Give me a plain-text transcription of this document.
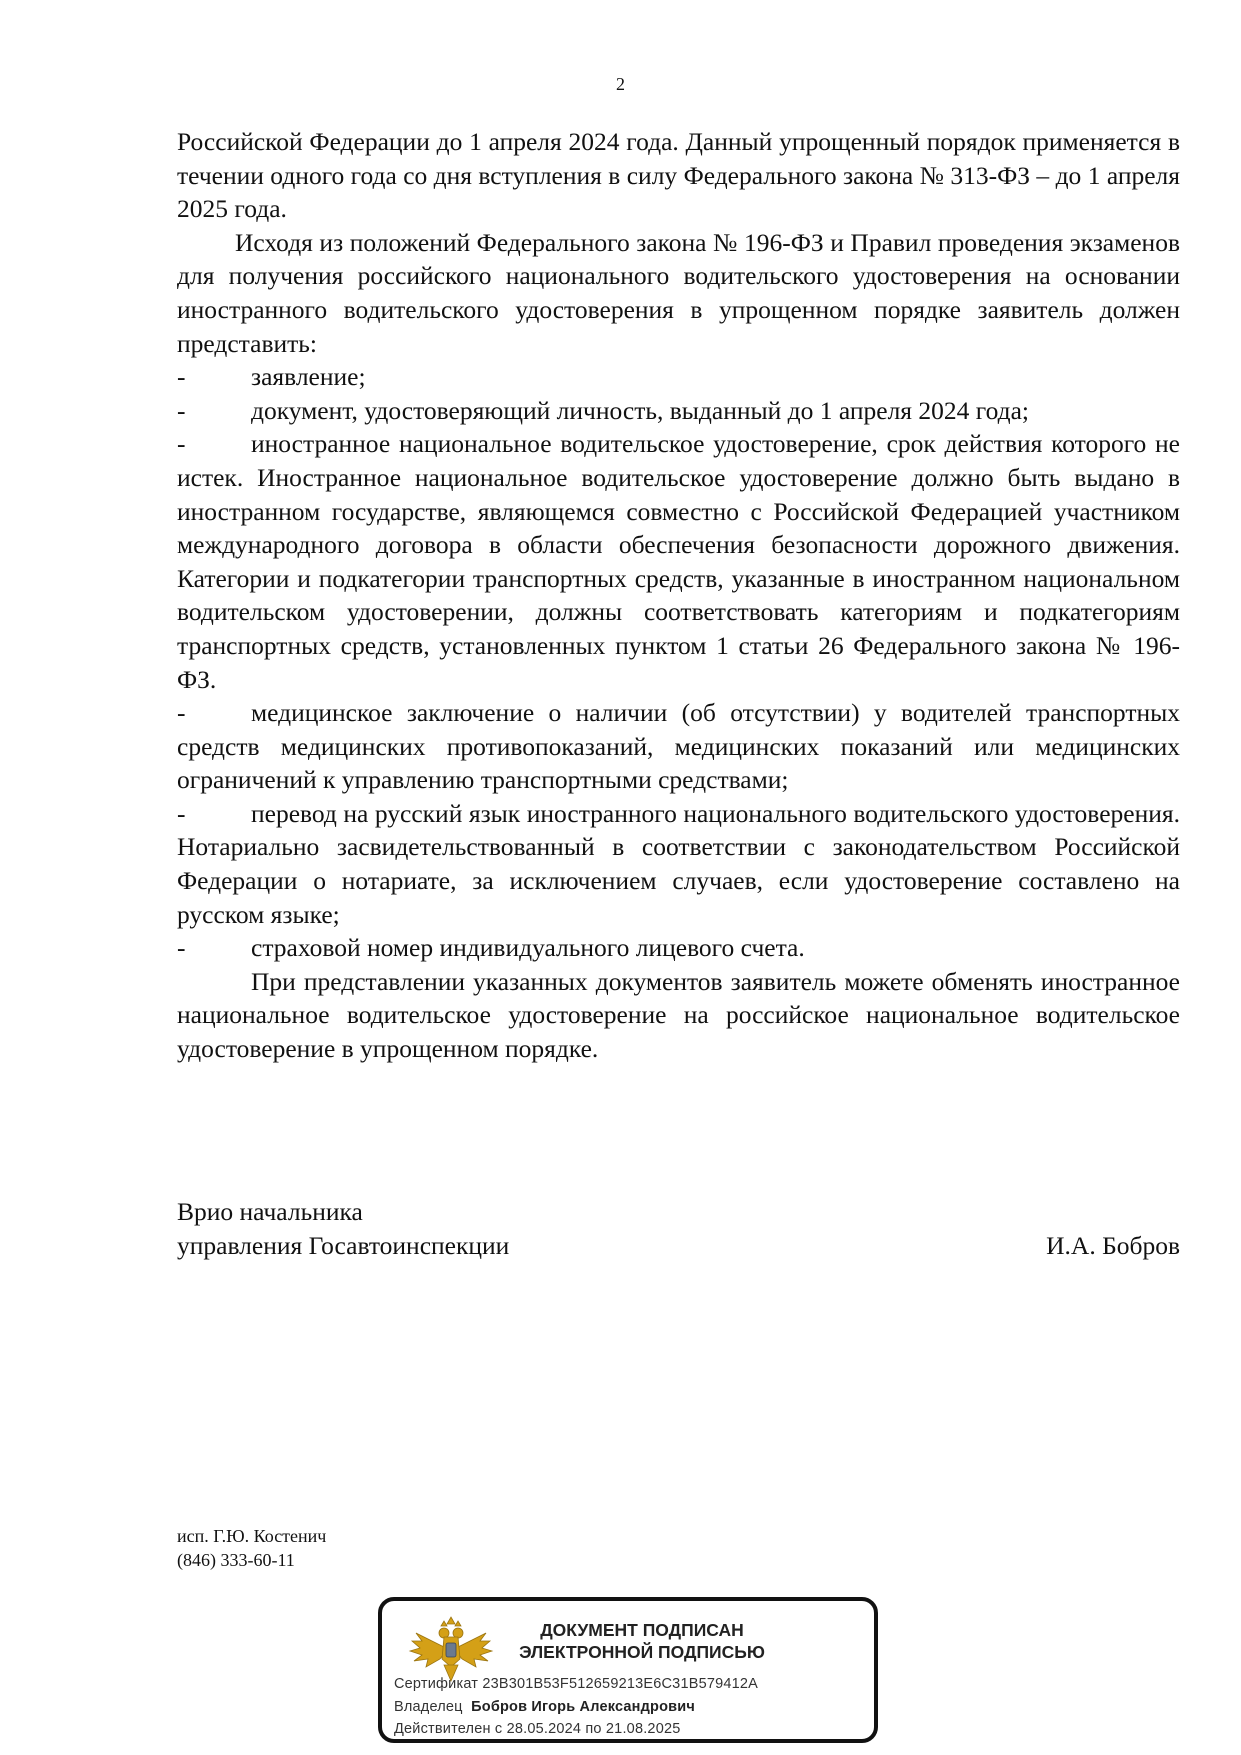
2

Российской Федерации до 1 апреля 2024 года. Данный упрощенный порядок применяется в течении одного года со дня вступления в силу Федерального закона № 313-ФЗ – до 1 апреля 2025 года.

Исходя из положений Федерального закона № 196-ФЗ и Правил проведения экзаменов для получения российского национального водительского удостоверения на основании иностранного водительского удостоверения в упрощенном порядке заявитель должен представить:

-	заявление;

-	документ, удостоверяющий личность, выданный до 1 апреля 2024 года;

-	иностранное национальное водительское удостоверение, срок действия которого не истек. Иностранное национальное водительское удостоверение должно быть выдано в иностранном государстве, являющемся совместно с Российской Федерацией участником международного договора в области обеспечения безопасности дорожного движения. Категории и подкатегории транспортных средств, указанные в иностранном национальном водительском удостоверении, должны соответствовать категориям и подкатегориям транспортных средств, установленных пунктом 1 статьи 26 Федерального закона № 196-ФЗ.

-	медицинское заключение о наличии (об отсутствии) у водителей транспортных средств медицинских противопоказаний, медицинских показаний или медицинских ограничений к управлению транспортными средствами;

-	перевод на русский язык иностранного национального водительского удостоверения. Нотариально засвидетельствованный в соответствии с законодательством Российской Федерации о нотариате, за исключением случаев, если удостоверение составлено на русском языке;

-	страховой номер индивидуального лицевого счета.

При представлении указанных документов заявитель можете обменять иностранное национальное водительское удостоверение на российское национальное водительское удостоверение в упрощенном порядке.

Врио начальника
управления Госавтоинспекции	И.А. Бобров
исп. Г.Ю. Костенич
(846) 333-60-11
ДОКУМЕНТ ПОДПИСАН
ЭЛЕКТРОННОЙ ПОДПИСЬЮ
Сертификат 23B301B53F512659213E6C31B579412A
Владелец Бобров Игорь Александрович
Действителен с 28.05.2024 по 21.08.2025
